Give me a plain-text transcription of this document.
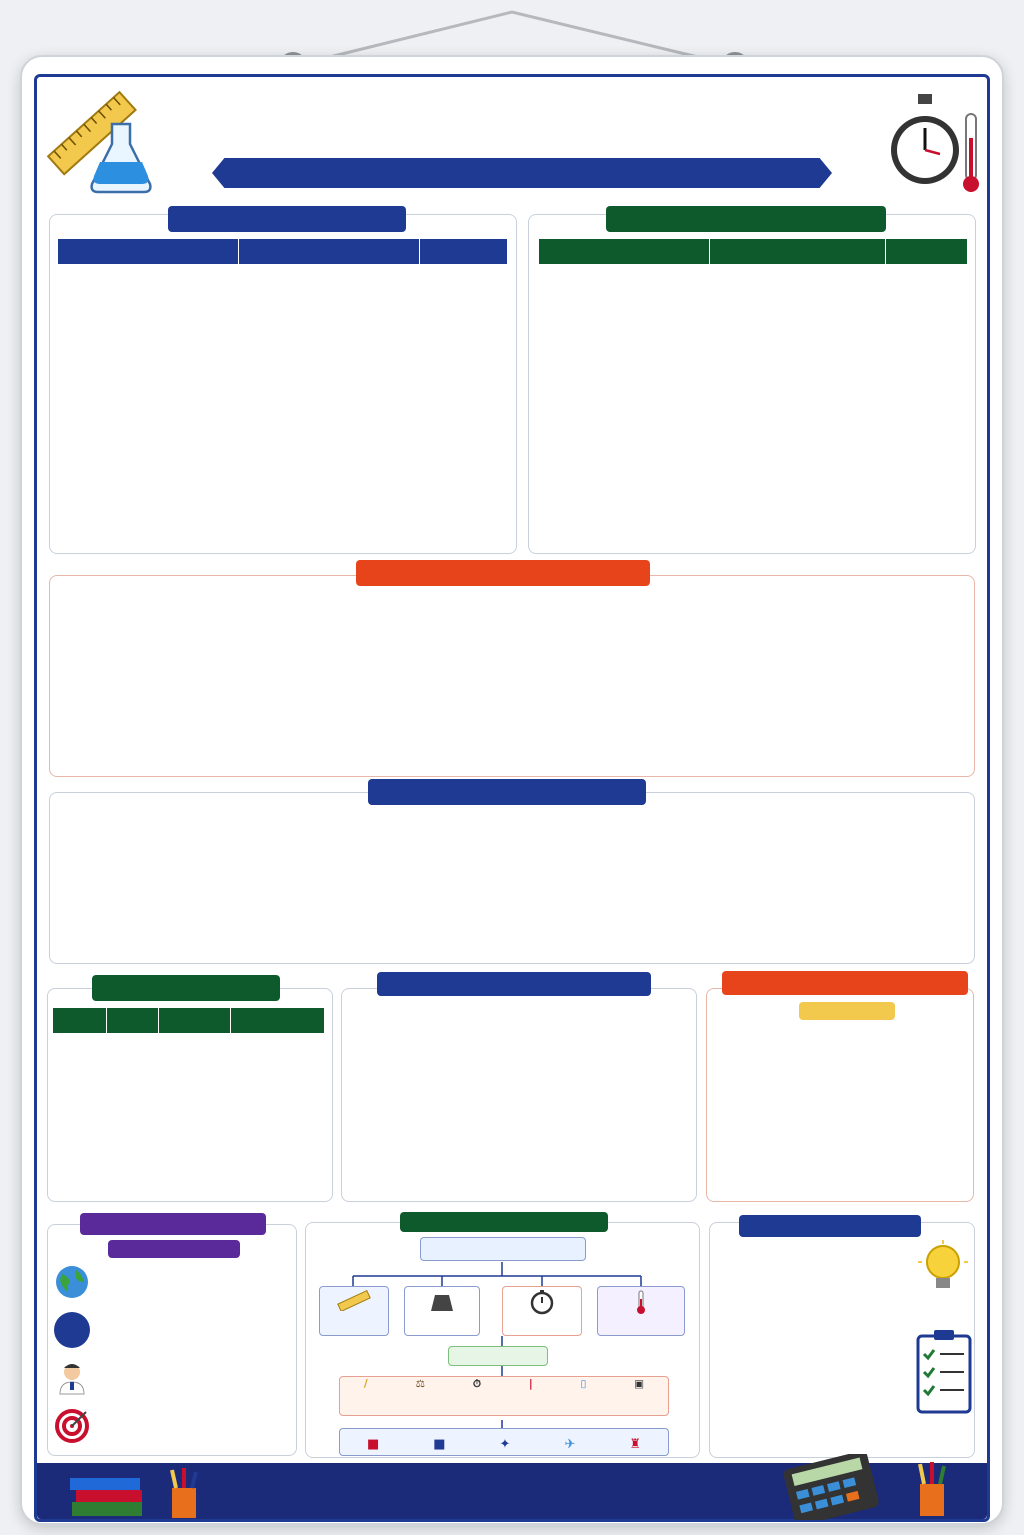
/	⚖	⏱	|	▯	▣
■	■	✦	✈	♜
